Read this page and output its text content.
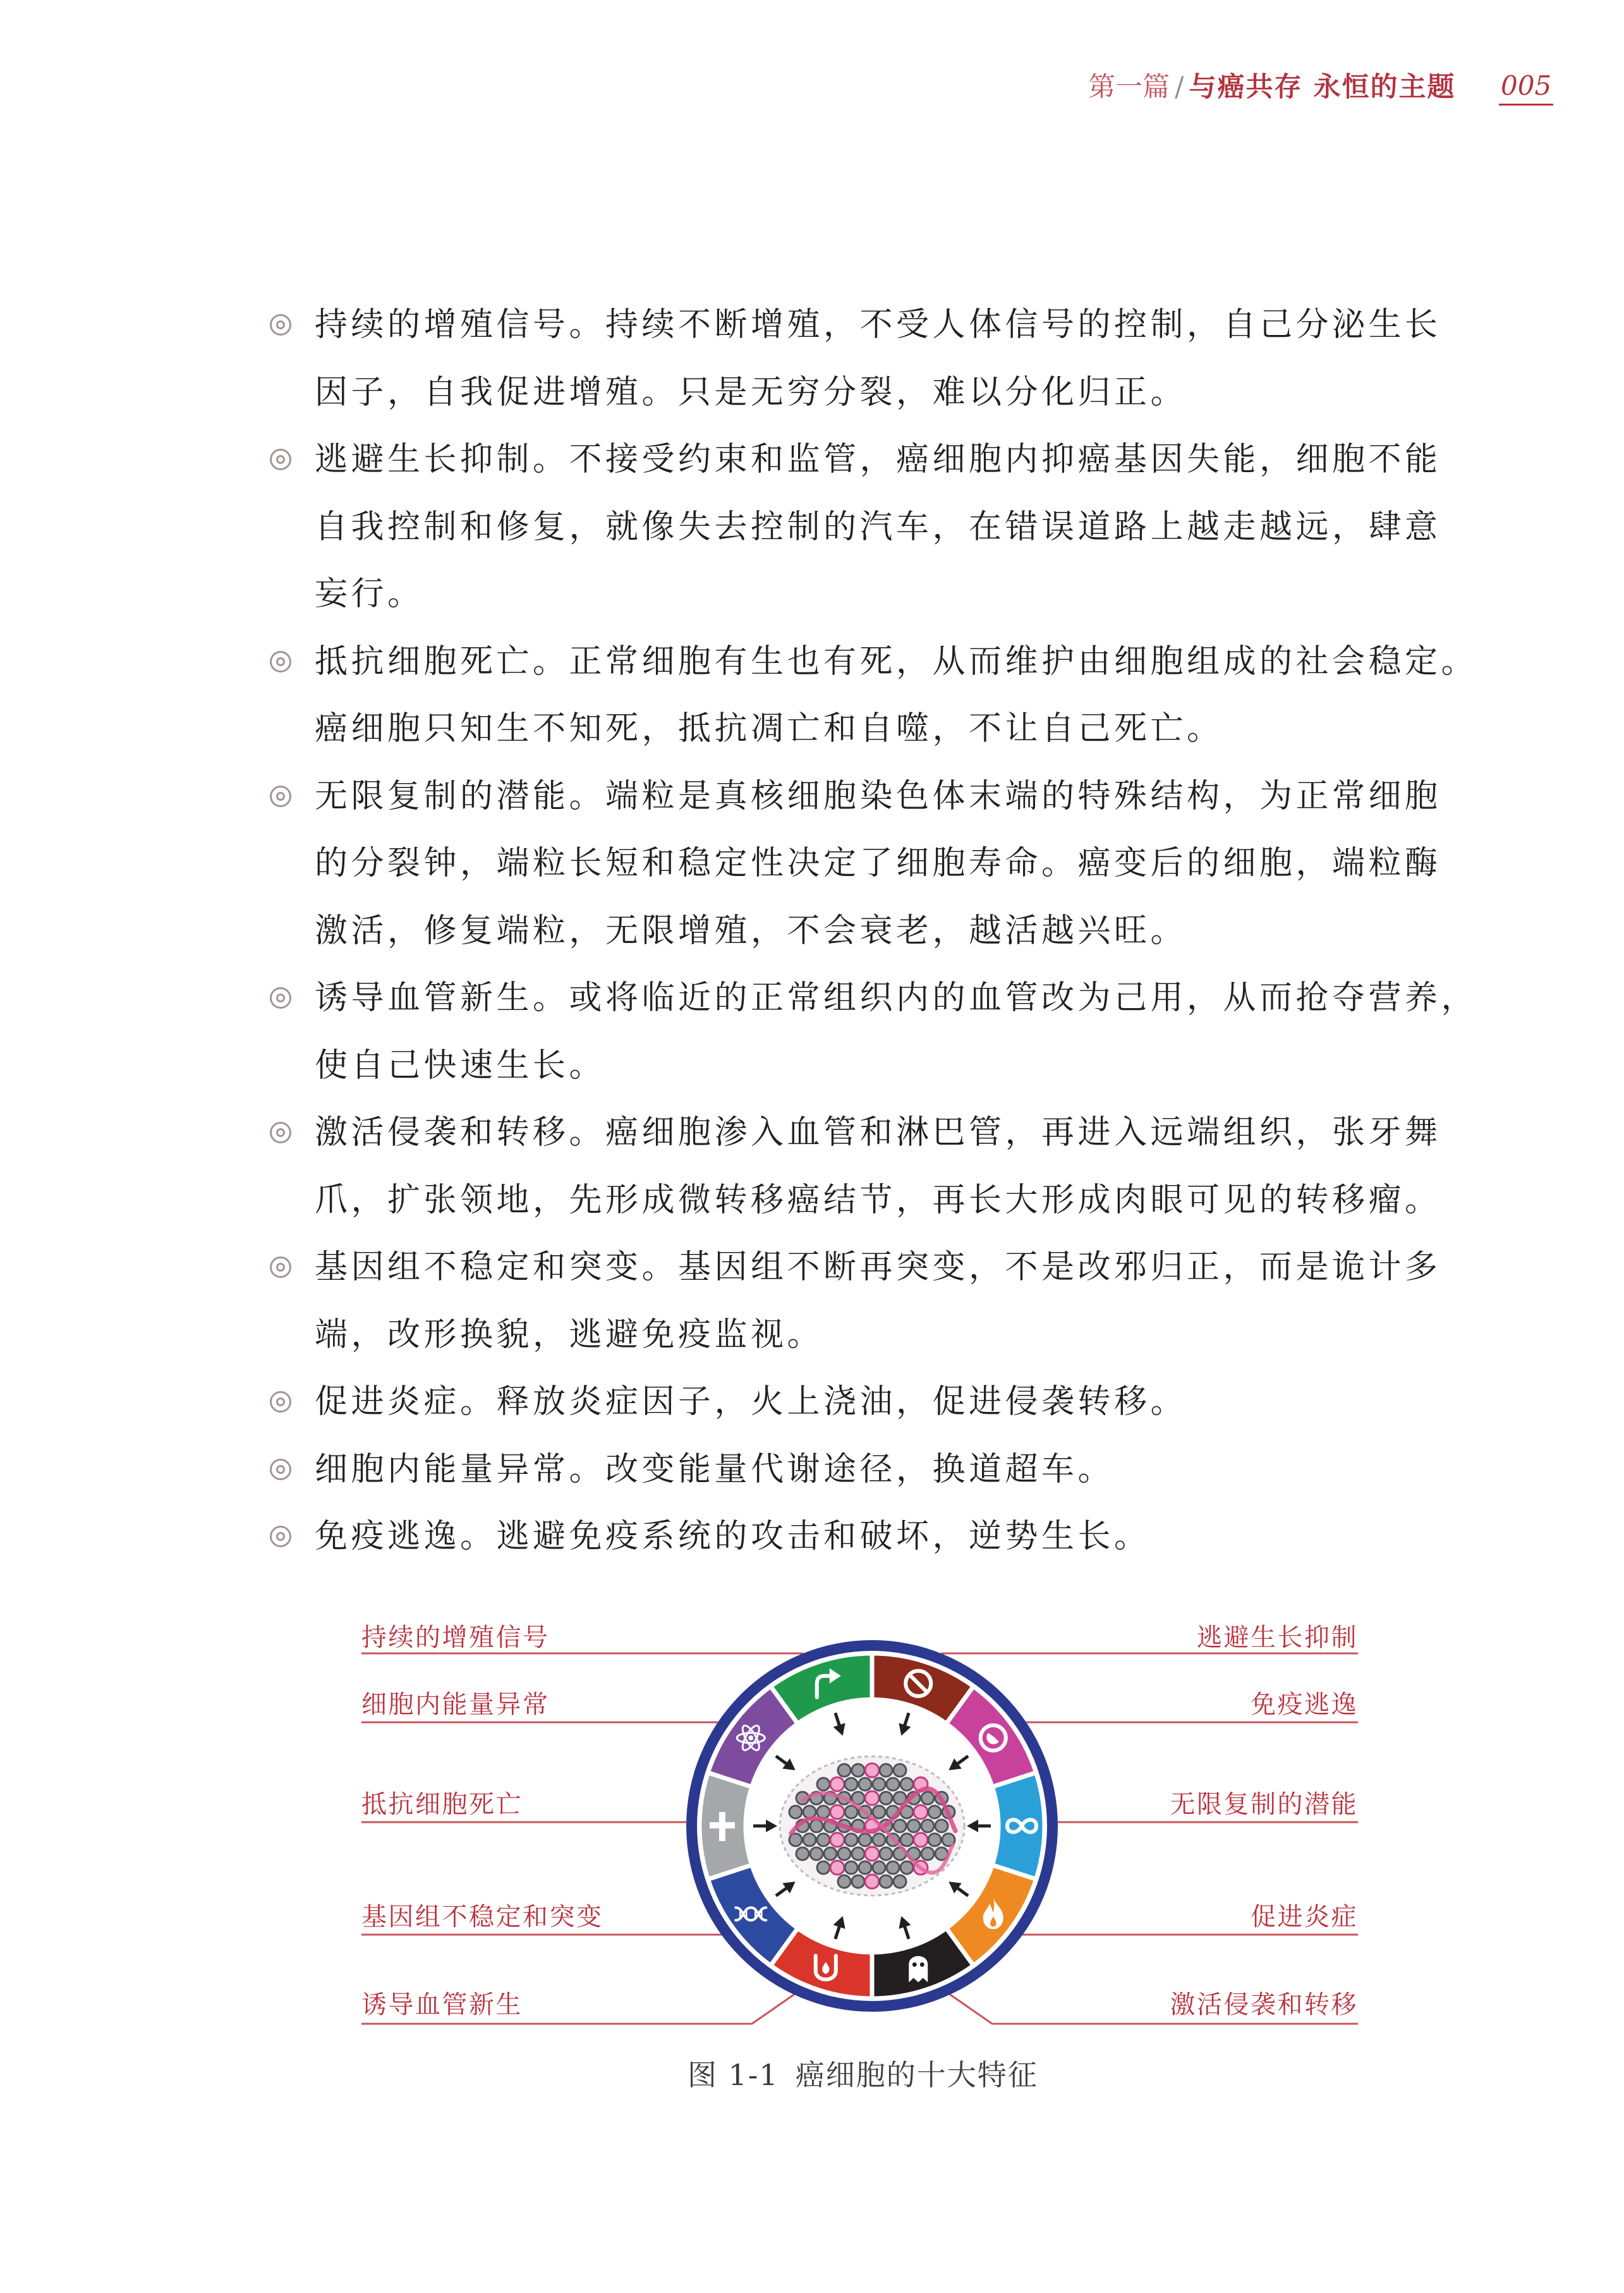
第一篇 / 与癌共存 永恒的主题 005
持续的增殖信号。持续不断增殖，不受人体信号的控制，自己分泌生长
因子，自我促进增殖。只是无穷分裂，难以分化归正。
逃避生长抑制。不接受约束和监管，癌细胞内抑癌基因失能，细胞不能
自我控制和修复，就像失去控制的汽车，在错误道路上越走越远，肆意
妄行。
抵抗细胞死亡。正常细胞有生也有死，从而维护由细胞组成的社会稳定。
癌细胞只知生不知死，抵抗凋亡和自噬，不让自己死亡。
无限复制的潜能。端粒是真核细胞染色体末端的特殊结构，为正常细胞
的分裂钟，端粒长短和稳定性决定了细胞寿命。癌变后的细胞，端粒酶
激活，修复端粒，无限增殖，不会衰老，越活越兴旺。
诱导血管新生。或将临近的正常组织内的血管改为己用，从而抢夺营养，
使自己快速生长。
激活侵袭和转移。癌细胞渗入血管和淋巴管，再进入远端组织，张牙舞
爪，扩张领地，先形成微转移癌结节，再长大形成肉眼可见的转移瘤。
基因组不稳定和突变。基因组不断再突变，不是改邪归正，而是诡计多
端，改形换貌，逃避免疫监视。
促进炎症。释放炎症因子，火上浇油，促进侵袭转移。
细胞内能量异常。改变能量代谢途径，换道超车。
免疫逃逸。逃避免疫系统的攻击和破坏，逆势生长。
持续的增殖信号
细胞内能量异常
抵抗细胞死亡
基因组不稳定和突变
诱导血管新生
逃避生长抑制
免疫逃逸
无限复制的潜能
促进炎症
激活侵袭和转移
图 1-1 癌细胞的十大特征
